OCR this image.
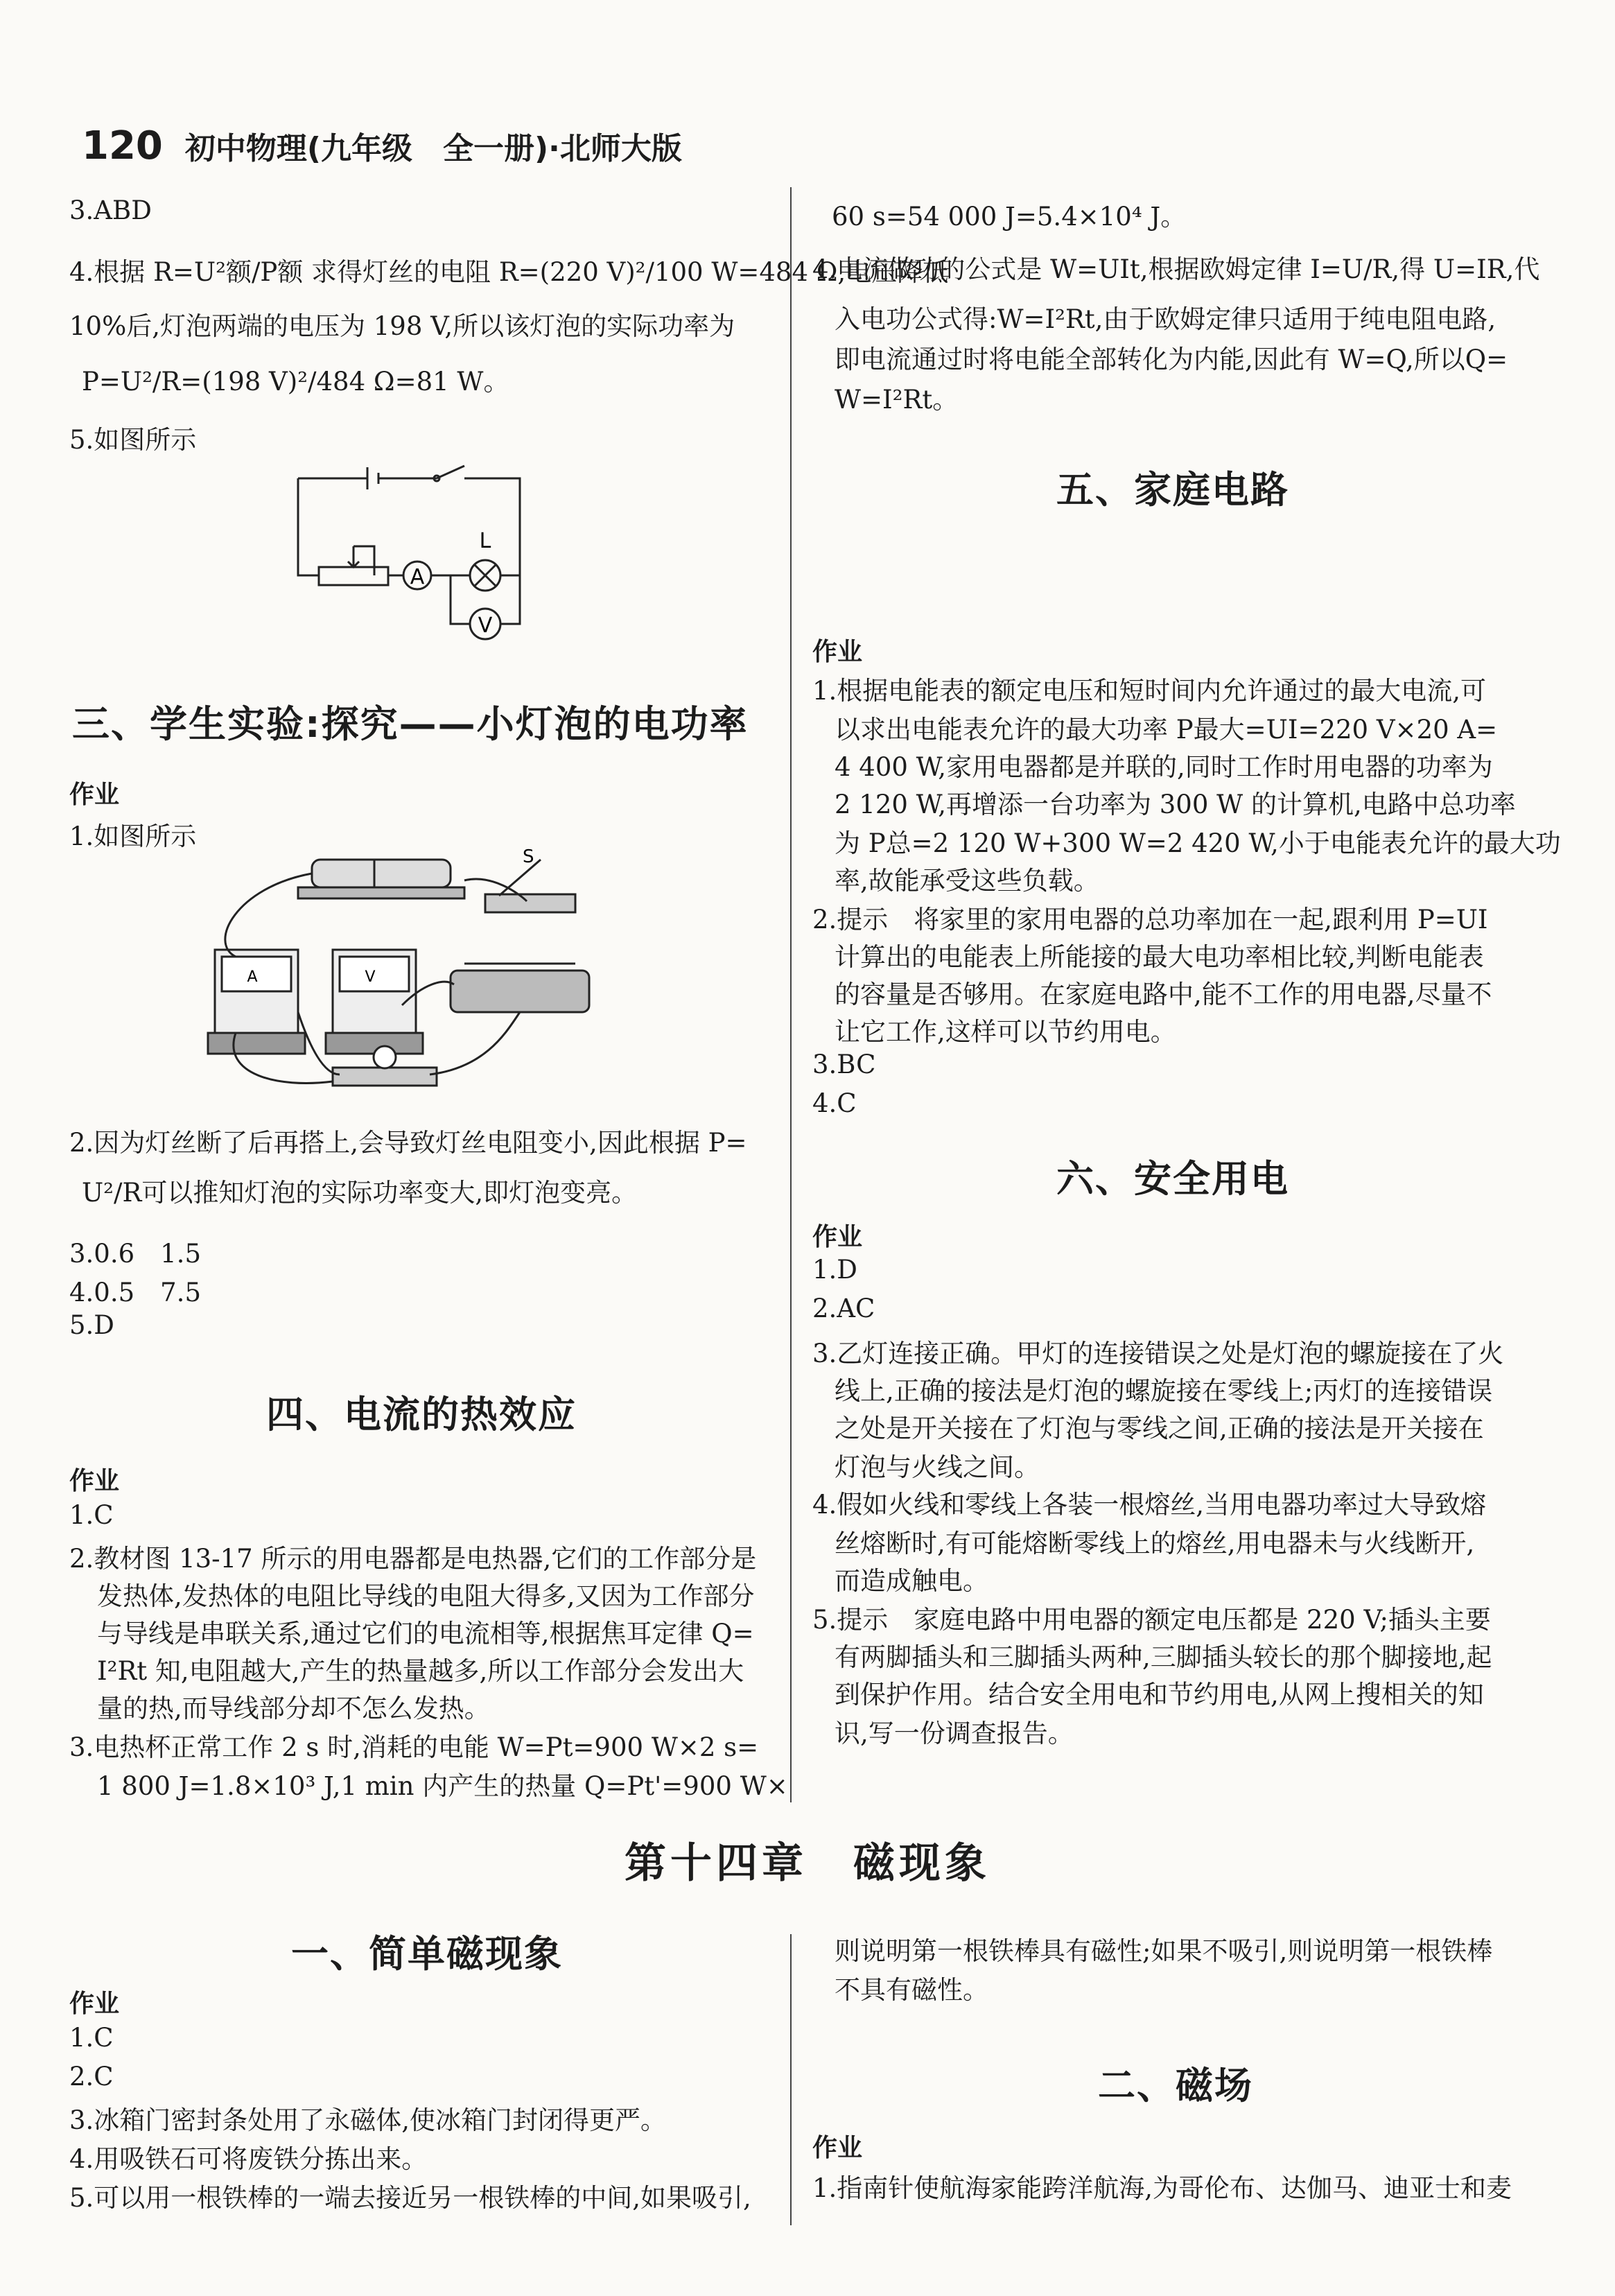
120 初中物理(九年级　全一册)·北师大版
3.ABD
4.根据 R=U²额/P额 求得灯丝的电阻 R=(220 V)²/100 W=484 Ω,电压降低
10%后,灯泡两端的电压为 198 V,所以该灯泡的实际功率为
P=U²/R=(198 V)²/484 Ω=81 W。
5.如图所示
A
L
V
三、学生实验:探究——小灯泡的电功率
作业
1.如图所示
S
A	V
2.因为灯丝断了后再搭上,会导致灯丝电阻变小,因此根据 P=
U²/R可以推知灯泡的实际功率变大,即灯泡变亮。
3.0.6　1.5
4.0.5　7.5
5.D
四、电流的热效应
作业
1.C
2.教材图 13-17 所示的用电器都是电热器,它们的工作部分是
发热体,发热体的电阻比导线的电阻大得多,又因为工作部分
与导线是串联关系,通过它们的电流相等,根据焦耳定律 Q=
I²Rt 知,电阻越大,产生的热量越多,所以工作部分会发出大
量的热,而导线部分却不怎么发热。
3.电热杯正常工作 2 s 时,消耗的电能 W=Pt=900 W×2 s=
1 800 J=1.8×10³ J,1 min 内产生的热量 Q=Pt'=900 W×
60 s=54 000 J=5.4×10⁴ J。
4.电流做功的公式是 W=UIt,根据欧姆定律 I=U/R,得 U=IR,代
入电功公式得:W=I²Rt,由于欧姆定律只适用于纯电阻电路,
即电流通过时将电能全部转化为内能,因此有 W=Q,所以Q=
W=I²Rt。
五、家庭电路
作业
1.根据电能表的额定电压和短时间内允许通过的最大电流,可
以求出电能表允许的最大功率 P最大=UI=220 V×20 A=
4 400 W,家用电器都是并联的,同时工作时用电器的功率为
2 120 W,再增添一台功率为 300 W 的计算机,电路中总功率
为 P总=2 120 W+300 W=2 420 W,小于电能表允许的最大功
率,故能承受这些负载。
2.提示　将家里的家用电器的总功率加在一起,跟利用 P=UI
计算出的电能表上所能接的最大电功率相比较,判断电能表
的容量是否够用。在家庭电路中,能不工作的用电器,尽量不
让它工作,这样可以节约用电。
3.BC
4.C
六、安全用电
作业
1.D
2.AC
3.乙灯连接正确。甲灯的连接错误之处是灯泡的螺旋接在了火
线上,正确的接法是灯泡的螺旋接在零线上;丙灯的连接错误
之处是开关接在了灯泡与零线之间,正确的接法是开关接在
灯泡与火线之间。
4.假如火线和零线上各装一根熔丝,当用电器功率过大导致熔
丝熔断时,有可能熔断零线上的熔丝,用电器未与火线断开,
而造成触电。
5.提示　家庭电路中用电器的额定电压都是 220 V;插头主要
有两脚插头和三脚插头两种,三脚插头较长的那个脚接地,起
到保护作用。结合安全用电和节约用电,从网上搜相关的知
识,写一份调查报告。
第十四章　磁现象
一、简单磁现象
作业
1.C
2.C
3.冰箱门密封条处用了永磁体,使冰箱门封闭得更严。
4.用吸铁石可将废铁分拣出来。
5.可以用一根铁棒的一端去接近另一根铁棒的中间,如果吸引,
则说明第一根铁棒具有磁性;如果不吸引,则说明第一根铁棒
不具有磁性。
二、磁场
作业
1.指南针使航海家能跨洋航海,为哥伦布、达伽马、迪亚士和麦
